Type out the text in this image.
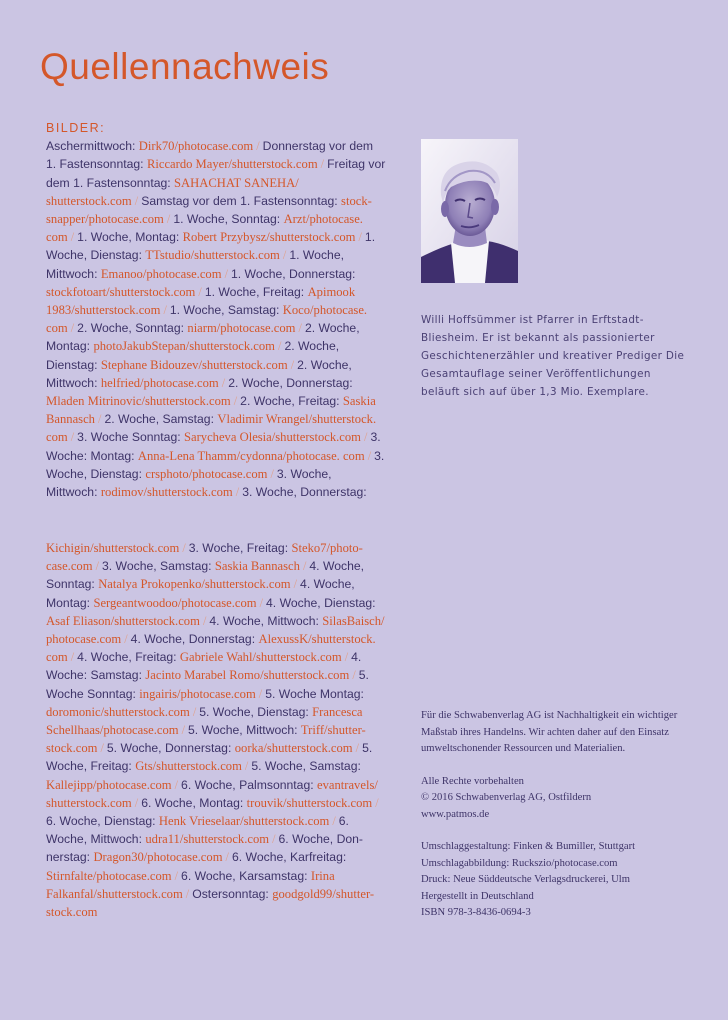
Quellennachweis
BILDER:
Aschermittwoch: Dirk70/photocase.com / Donnerstag vor dem 1. Fastensonntag: Riccardo Mayer/shutterstock.com / Freitag vor dem 1. Fastensonntag: SAHACHAT SANEHA/ shutterstock.com / Samstag vor dem 1. Fastensonntag: stock-snapper/photocase.com / 1. Woche, Sonntag: Arzt/photocase. com / 1. Woche, Montag: Robert Przybysz/shutterstock.com / 1. Woche, Dienstag: TTstudio/shutterstock.com / 1. Woche, Mittwoch: Emanoo/photocase.com / 1. Woche, Donnerstag: stockfotoart/shutterstock.com / 1. Woche, Freitag: Apimook 1983/shutterstock.com / 1. Woche, Samstag: Koco/photocase. com / 2. Woche, Sonntag: niarm/photocase.com / 2. Woche, Montag: photoJakubStepan/shutterstock.com / 2. Woche, Dienstag: Stephane Bidouzev/shutterstock.com / 2. Woche, Mittwoch: helfried/photocase.com / 2. Woche, Donnerstag: Mladen Mitrinovic/shutterstock.com / 2. Woche, Freitag: Saskia Bannasch / 2. Woche, Samstag: Vladimir Wrangel/shutterstock. com / 3. Woche Sonntag: Sarycheva Olesia/shutterstock.com / 3. Woche: Montag: Anna-Lena Thamm/cydonna/photocase. com / 3. Woche, Dienstag: crsphoto/photocase.com / 3. Woche, Mittwoch: rodimov/shutterstock.com / 3. Woche, Donnerstag:
Kichigin/shutterstock.com / 3. Woche, Freitag: Steko7/photo-case.com / 3. Woche, Samstag: Saskia Bannasch / 4. Woche, Sonntag: Natalya Prokopenko/shutterstock.com / 4. Woche, Montag: Sergeantwoodoo/photocase.com / 4. Woche, Dienstag: Asaf Eliason/shutterstock.com / 4. Woche, Mittwoch: SilasBaisch/ photocase.com / 4. Woche, Donnerstag: AlexussK/shutterstock. com / 4. Woche, Freitag: Gabriele Wahl/shutterstock.com / 4. Woche: Samstag: Jacinto Marabel Romo/shutterstock.com / 5. Woche Sonntag: ingairis/photocase.com / 5. Woche Montag: doromonic/shutterstock.com / 5. Woche, Dienstag: Francesca Schellhaas/photocase.com / 5. Woche, Mittwoch: Triff/shutter-stock.com / 5. Woche, Donnerstag: oorka/shutterstock.com / 5. Woche, Freitag: Gts/shutterstock.com / 5. Woche, Samstag: Kallejipp/photocase.com / 6. Woche, Palmsonntag: evantravels/ shutterstock.com / 6. Woche, Montag: trouvik/shutterstock.com / 6. Woche, Dienstag: Henk Vrieselaar/shutterstock.com / 6. Woche, Mittwoch: udra11/shutterstock.com / 6. Woche, Don-nerstag: Dragon30/photocase.com / 6. Woche, Karfreitag: Stirnfalte/photocase.com / 6. Woche, Karsamstag: Irina Falkanfal/shutterstock.com / Ostersonntag: goodgold99/shutter-stock.com
Willi Hoffsümmer ist Pfarrer in Erftstadt-Bliesheim. Er ist bekannt als passionierter Geschichtenerzähler und kreativer Prediger Die Gesamtauflage seiner Veröffentlichungen beläuft sich auf über 1,3 Mio. Exemplare.

Für die Schwabenverlag AG ist Nachhaltigkeit ein wichtiger Maßstab ihres Handelns. Wir achten daher auf den Einsatz umweltschonender Ressourcen und Materialien.

Alle Rechte vorbehalten

© 2016 Schwabenverlag AG, Ostfildern

www.patmos.de

Umschlaggestaltung: Finken & Bumiller, Stuttgart

Umschlagabbildung: Ruckszio/photocase.com

Druck: Neue Süddeutsche Verlagsdruckerei, Ulm

Hergestellt in Deutschland

ISBN 978-3-8436-0694-3
